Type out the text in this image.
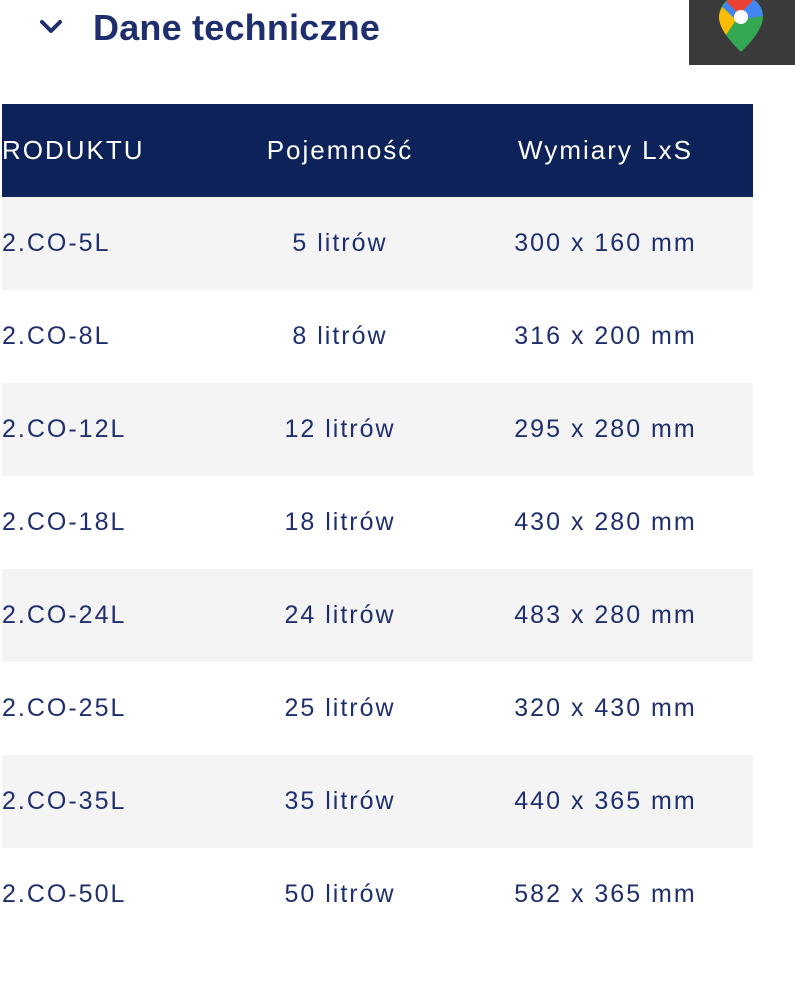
Dane techniczne
RODUKTU	Pojemność	Wymiary LxS
2.CO-5L	5 litrów	300 x 160 mm
2.CO-8L	8 litrów	316 x 200 mm
2.CO-12L	12 litrów	295 x 280 mm
2.CO-18L	18 litrów	430 x 280 mm
2.CO-24L	24 litrów	483 x 280 mm
2.CO-25L	25 litrów	320 x 430 mm
2.CO-35L	35 litrów	440 x 365 mm
2.CO-50L	50 litrów	582 x 365 mm
